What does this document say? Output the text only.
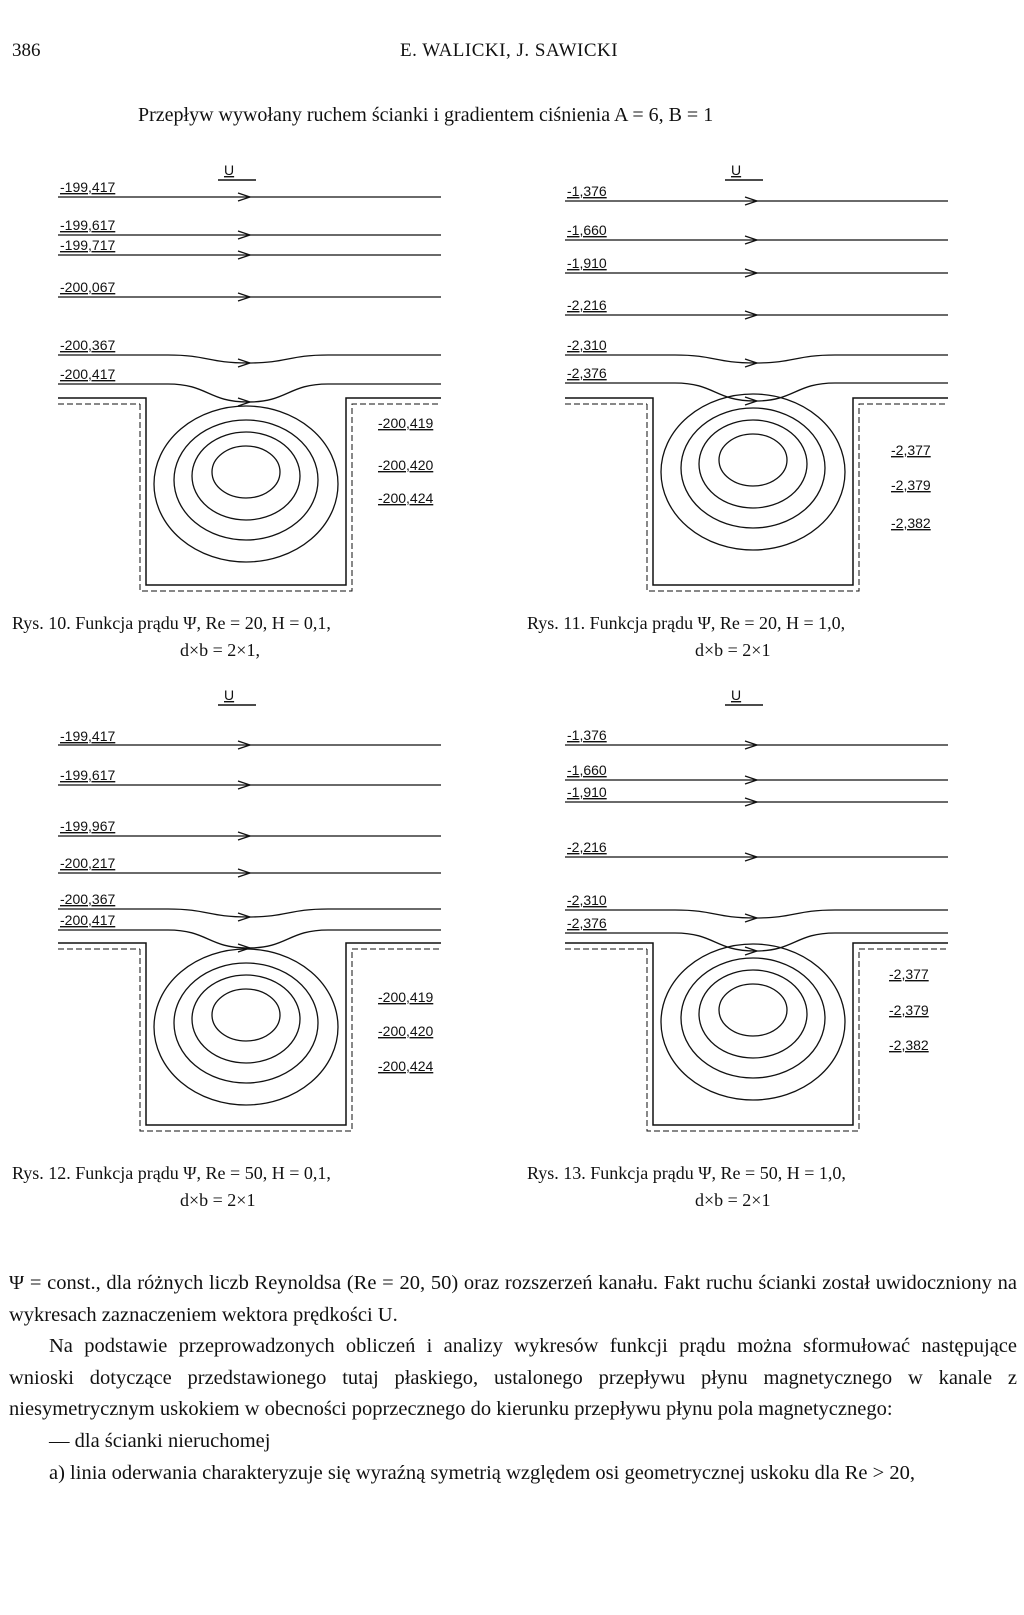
386	E. WALICKI, J. SAWICKI
Przepływ wywołany ruchem ścianki i gradientem ciśnienia A = 6, B = 1
U
-199,417
-199,617
-199,717
-200,067
-200,367
-200,417
-200,419
-200,420
-200,424
U
-1,376
-1,660
-1,910
-2,216
-2,310
-2,376
-2,377
-2,379
-2,382
U
-199,417
-199,617
-199,967
-200,217
-200,367
-200,417
-200,419
-200,420
-200,424
U
-1,376
-1,660
-1,910
-2,216
-2,310
-2,376
-2,377
-2,379
-2,382
Rys. 10. Funkcja prądu Ψ, Re = 20, H = 0,1,
d×b = 2×1,
Rys. 11. Funkcja prądu Ψ, Re = 20, H = 1,0,
d×b = 2×1
Rys. 12. Funkcja prądu Ψ, Re = 50, H = 0,1,
d×b = 2×1
Rys. 13. Funkcja prądu Ψ, Re = 50, H = 1,0,
d×b = 2×1

Ψ = const., dla różnych liczb Reynoldsa (Re = 20, 50) oraz rozszerzeń kanału. Fakt ruchu ścianki został uwidoczniony na wykresach zaznaczeniem wektora prędkości U.

Na podstawie przeprowadzonych obliczeń i analizy wykresów funkcji prądu można sformułować następujące wnioski dotyczące przedstawionego tutaj płaskiego, ustalonego przepływu płynu magnetycznego w kanale z niesymetrycznym uskokiem w obecności poprzecznego do kierunku przepływu płynu pola magnetycznego:

— dla ścianki nieruchomej

a) linia oderwania charakteryzuje się wyraźną symetrią względem osi geometrycznej uskoku dla Re > 20,
